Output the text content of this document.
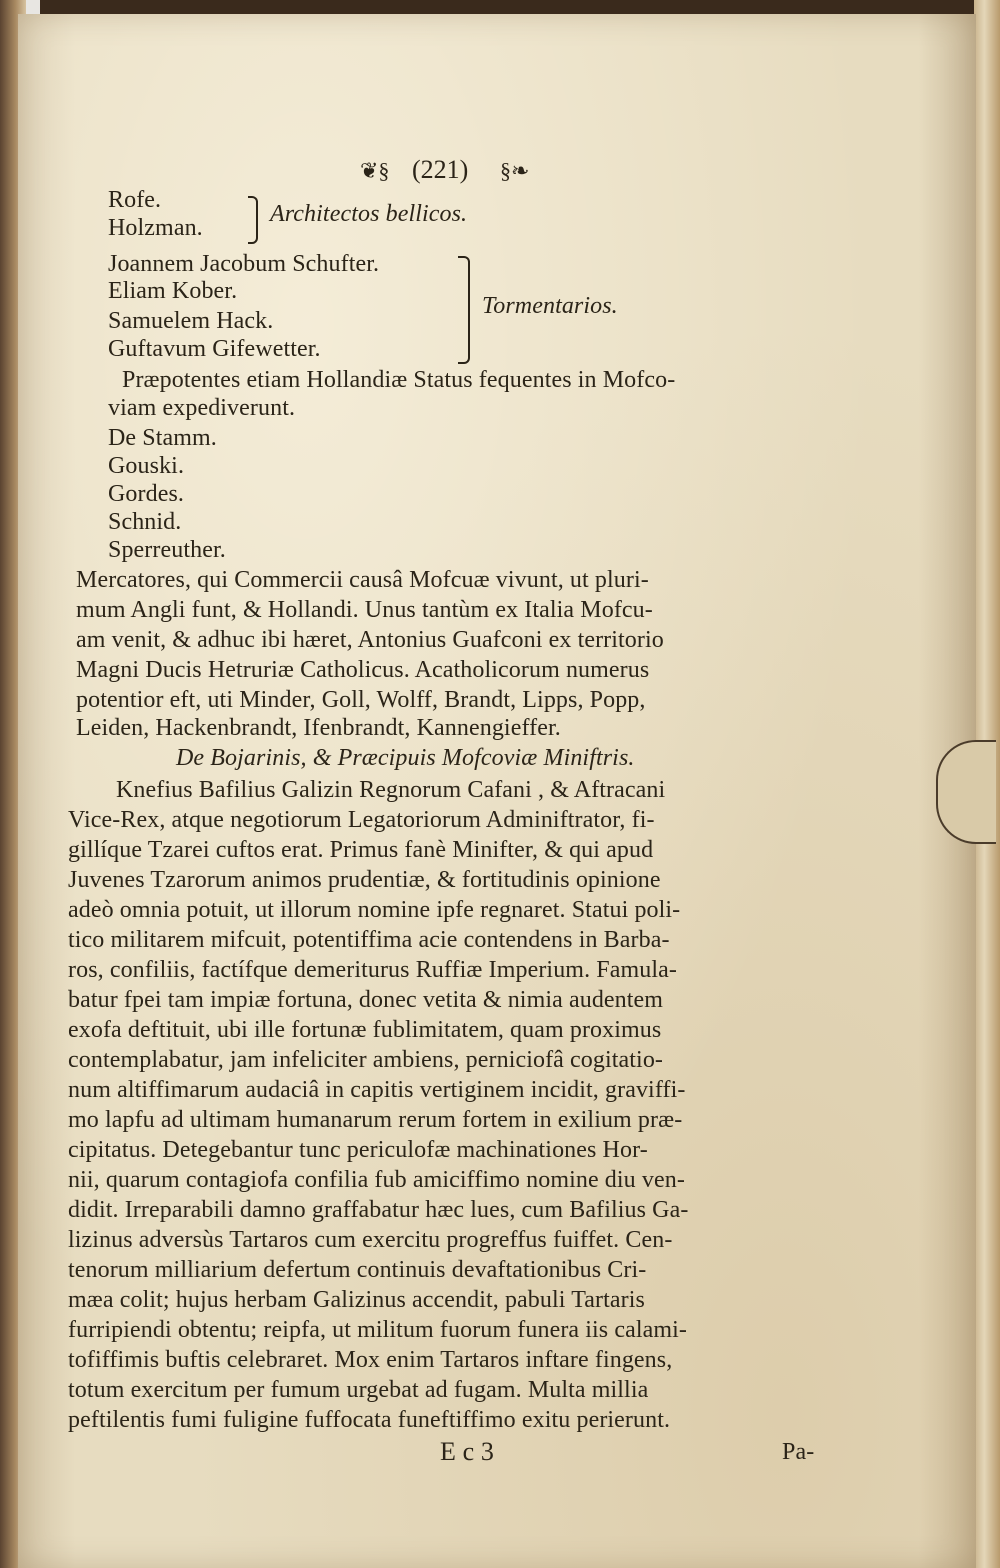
❦§ (221) §❧
Rofe.
Holzman.
Architectos bellicos.
Joannem Jacobum Schufter.
Eliam Kober.
Samuelem Hack.
Guftavum Gifewetter.
Tormentarios.
Præpotentes etiam Hollandiæ Status fequentes in Mofco-
viam expediverunt.
De Stamm.
Gouski.
Gordes.
Schnid.
Sperreuther.
Mercatores, qui Commercii causâ Mofcuæ vivunt, ut pluri-
mum Angli funt, & Hollandi. Unus tantùm ex Italia Mofcu-
am venit, & adhuc ibi hæret, Antonius Guafconi ex territorio
Magni Ducis Hetruriæ Catholicus. Acatholicorum numerus
potentior eft, uti Minder, Goll, Wolff, Brandt, Lipps, Popp,
Leiden, Hackenbrandt, Ifenbrandt, Kannengieffer.
De Bojarinis, & Præcipuis Mofcoviæ Miniftris.
Knefius Bafilius Galizin Regnorum Cafani , & Aftracani
Vice-Rex, atque negotiorum Legatoriorum Adminiftrator, fi-
gillíque Tzarei cuftos erat. Primus fanè Minifter, & qui apud
Juvenes Tzarorum animos prudentiæ, & fortitudinis opinione
adeò omnia potuit, ut illorum nomine ipfe regnaret. Statui poli-
tico militarem mifcuit, potentiffima acie contendens in Barba-
ros, confiliis, factífque demeriturus Ruffiæ Imperium. Famula-
batur fpei tam impiæ fortuna, donec vetita & nimia audentem
exofa deftituit, ubi ille fortunæ fublimitatem, quam proximus
contemplabatur, jam infeliciter ambiens, perniciofâ cogitatio-
num altiffimarum audaciâ in capitis vertiginem incidit, graviffi-
mo lapfu ad ultimam humanarum rerum fortem in exilium præ-
cipitatus. Detegebantur tunc periculofæ machinationes Hor-
nii, quarum contagiofa confilia fub amiciffimo nomine diu ven-
didit. Irreparabili damno graffabatur hæc lues, cum Bafilius Ga-
lizinus adversùs Tartaros cum exercitu progreffus fuiffet. Cen-
tenorum milliarium defertum continuis devaftationibus Cri-
mæa colit; hujus herbam Galizinus accendit, pabuli Tartaris
furripiendi obtentu; reipfa, ut militum fuorum funera iis calami-
tofiffimis buftis celebraret. Mox enim Tartaros inftare fingens,
totum exercitum per fumum urgebat ad fugam. Multa millia
peftilentis fumi fuligine fuffocata funeftiffimo exitu perierunt.
E c 3	Pa-
